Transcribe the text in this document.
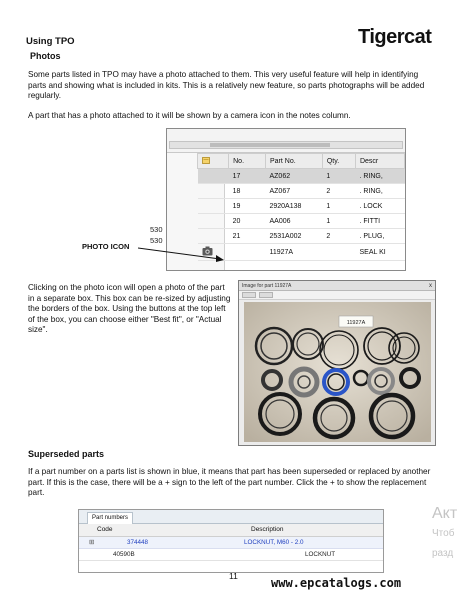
Using TPO	Tigercat
Photos
Some parts listed in TPO may have a photo attached to them. This very useful feature will help in identifying parts and showing what is included in kits. This is a relatively new feature, so parts photographs will be added regularly.
A part that has a photo attached to it will be shown by a camera icon in the notes column.
	No.	Part No.	Qty.	Descr
	17	AZ062	1	. RING,
	18	AZ067	2	. RING,
	19	2920A138	1	. LOCK
	20	AA006	1	. FITTI
	21	2531A002	2	. PLUG,
		11927A		SEAL KI
530
530
PHOTO ICON
Clicking on the photo icon will open a photo of the part in a separate box. This box can be re-sized by adjusting the borders of the box. Using the buttons at the top left of the box, you can choose either "Best fit", or "Actual size".
Image for part 11927A	x
11927A
Superseded parts
If a part number on a parts list is shown in blue, it means that part has been superseded or replaced by another part. If this is the case, there will be a + sign to the left of the part number. Click the + to show the replacement part.
Part numbers
Code	Description
⊞	374448	LOCKNUT, M60 - 2.0
40590B	LOCKNUT
11	www.epcatalogs.com
Акт
Чтоб
разд
